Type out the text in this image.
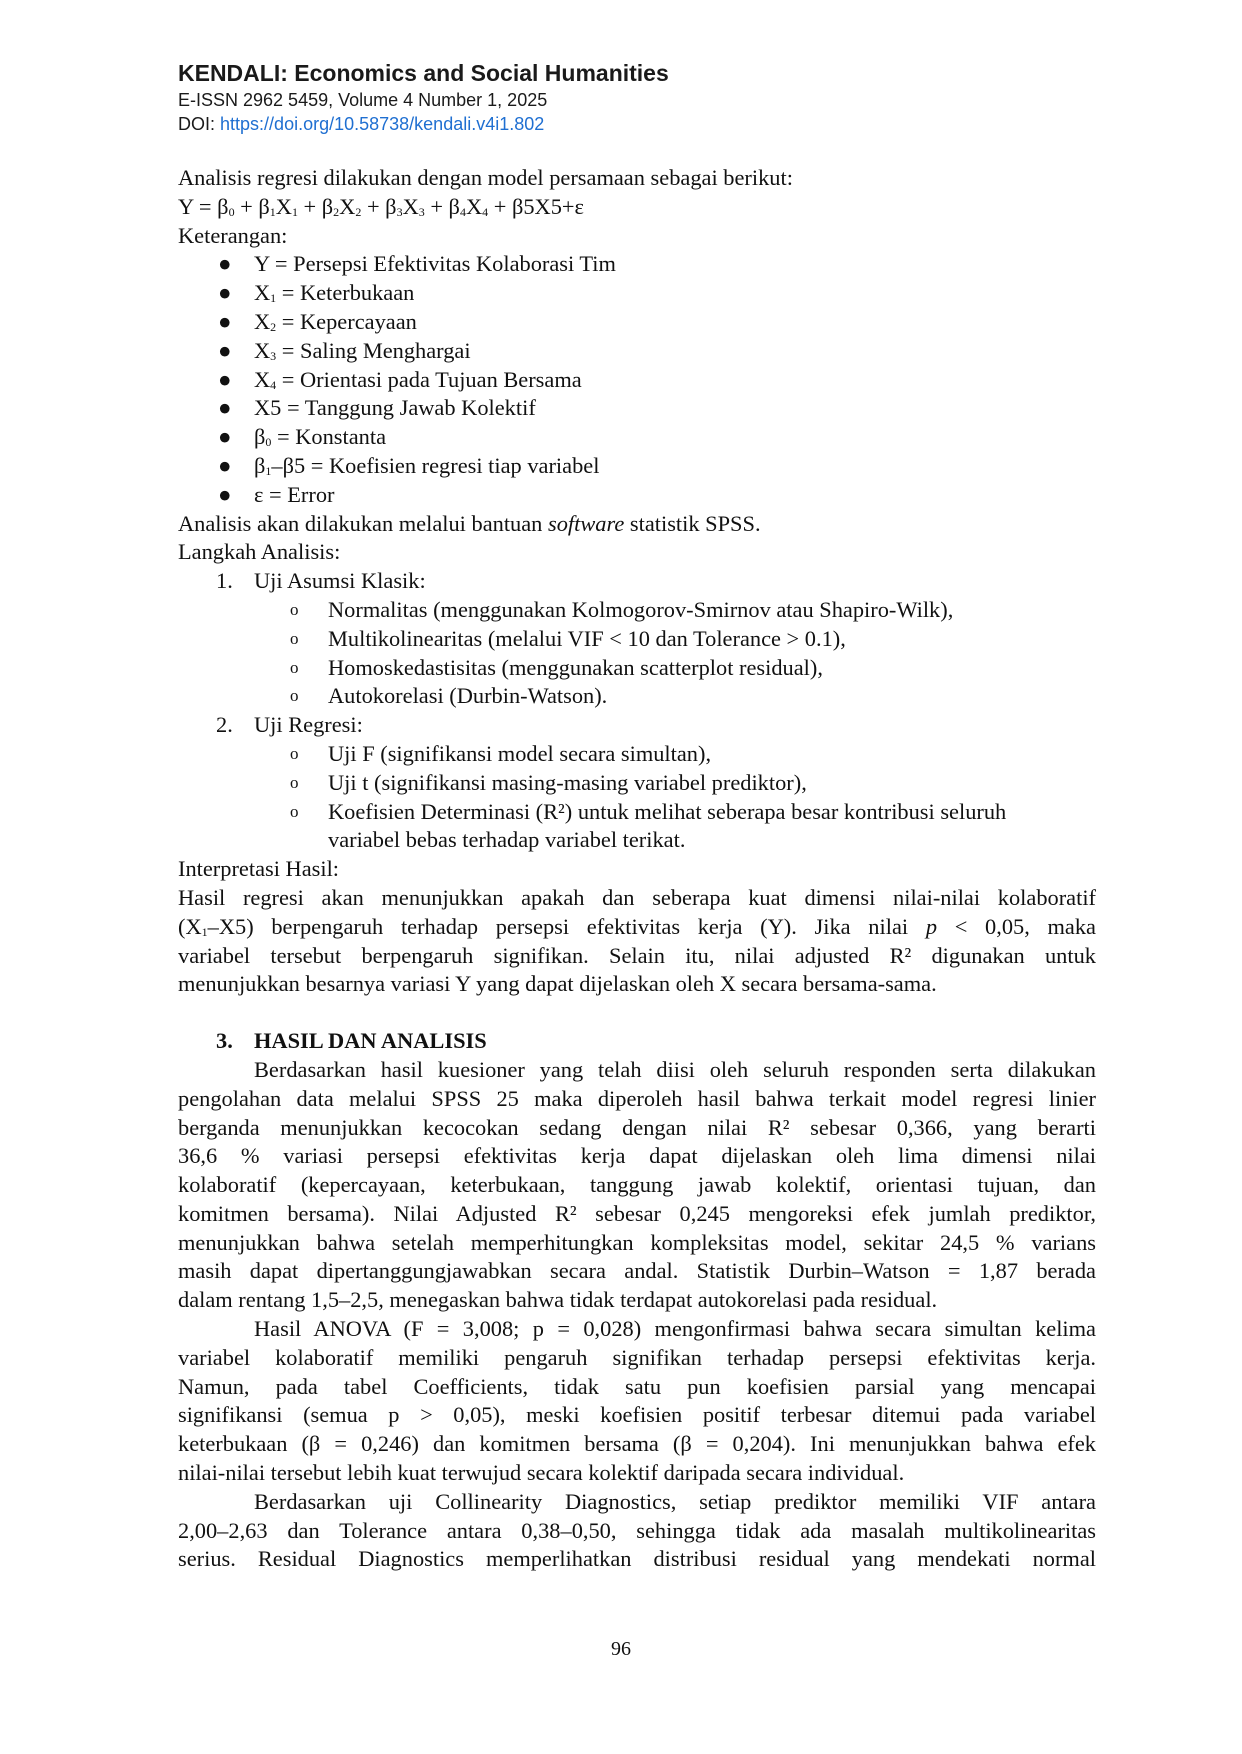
KENDALI: Economics and Social Humanities
E-ISSN 2962 5459, Volume 4 Number 1, 2025
DOI: https://doi.org/10.58738/kendali.v4i1.802
Analisis regresi dilakukan dengan model persamaan sebagai berikut:
$Y = \beta_0 + \beta_1X_1 + \beta_2X_2 + \beta_3X_3 + \beta_4X_4 + \beta 5X5+\varepsilon$
Keterangan:
● Y = Persepsi Efektivitas Kolaborasi Tim
● $X_1$ = Keterbukaan
● $X_2$ = Kepercayaan
● $X_3$ = Saling Menghargai
● $X_4$ = Orientasi pada Tujuan Bersama
● X5 = Tanggung Jawab Kolektif
● $\beta_0$ = Konstanta
● $\beta_1-\beta 5$ = Koefisien regresi tiap variabel
● ε = Error
Analisis akan dilakukan melalui bantuan software statistik SPSS.
Langkah Analisis:
1. Uji Asumsi Klasik:
o Normalitas (menggunakan Kolmogorov-Smirnov atau Shapiro-Wilk),
o Multikolinearitas (melalui VIF < 10 dan Tolerance > 0.1),
o Homoskedastisitas (menggunakan scatterplot residual),
o Autokorelasi (Durbin-Watson).
2. Uji Regresi:
o Uji F (signifikansi model secara simultan),
o Uji t (signifikansi masing-masing variabel prediktor),
o Koefisien Determinasi (R²) untuk melihat seberapa besar kontribusi seluruh
variabel bebas terhadap variabel terikat.
Interpretasi Hasil:
Hasil regresi akan menunjukkan apakah dan seberapa kuat dimensi nilai-nilai kolaboratif
$(X_1-X5)$ berpengaruh terhadap persepsi efektivitas kerja (Y). Jika nilai p < 0,05, maka
variabel tersebut berpengaruh signifikan. Selain itu, nilai adjusted R² digunakan untuk
menunjukkan besarnya variasi Y yang dapat dijelaskan oleh X secara bersama-sama.
3. HASIL DAN ANALISIS
Berdasarkan hasil kuesioner yang telah diisi oleh seluruh responden serta dilakukan
pengolahan data melalui SPSS 25 maka diperoleh hasil bahwa terkait model regresi linier
berganda menunjukkan kecocokan sedang dengan nilai R² sebesar 0,366, yang berarti
36,6 % variasi persepsi efektivitas kerja dapat dijelaskan oleh lima dimensi nilai
kolaboratif (kepercayaan, keterbukaan, tanggung jawab kolektif, orientasi tujuan, dan
komitmen bersama). Nilai Adjusted R² sebesar 0,245 mengoreksi efek jumlah prediktor,
menunjukkan bahwa setelah memperhitungkan kompleksitas model, sekitar 24,5 % varians
masih dapat dipertanggungjawabkan secara andal. Statistik Durbin–Watson = 1,87 berada
dalam rentang 1,5–2,5, menegaskan bahwa tidak terdapat autokorelasi pada residual.
Hasil ANOVA (F = 3,008; p = 0,028) mengonfirmasi bahwa secara simultan kelima
variabel kolaboratif memiliki pengaruh signifikan terhadap persepsi efektivitas kerja.
Namun, pada tabel Coefficients, tidak satu pun koefisien parsial yang mencapai
signifikansi (semua p > 0,05), meski koefisien positif terbesar ditemui pada variabel
keterbukaan (β = 0,246) dan komitmen bersama (β = 0,204). Ini menunjukkan bahwa efek
nilai-nilai tersebut lebih kuat terwujud secara kolektif daripada secara individual.
Berdasarkan uji Collinearity Diagnostics, setiap prediktor memiliki VIF antara
2,00–2,63 dan Tolerance antara 0,38–0,50, sehingga tidak ada masalah multikolinearitas
serius. Residual Diagnostics memperlihatkan distribusi residual yang mendekati normal
96
